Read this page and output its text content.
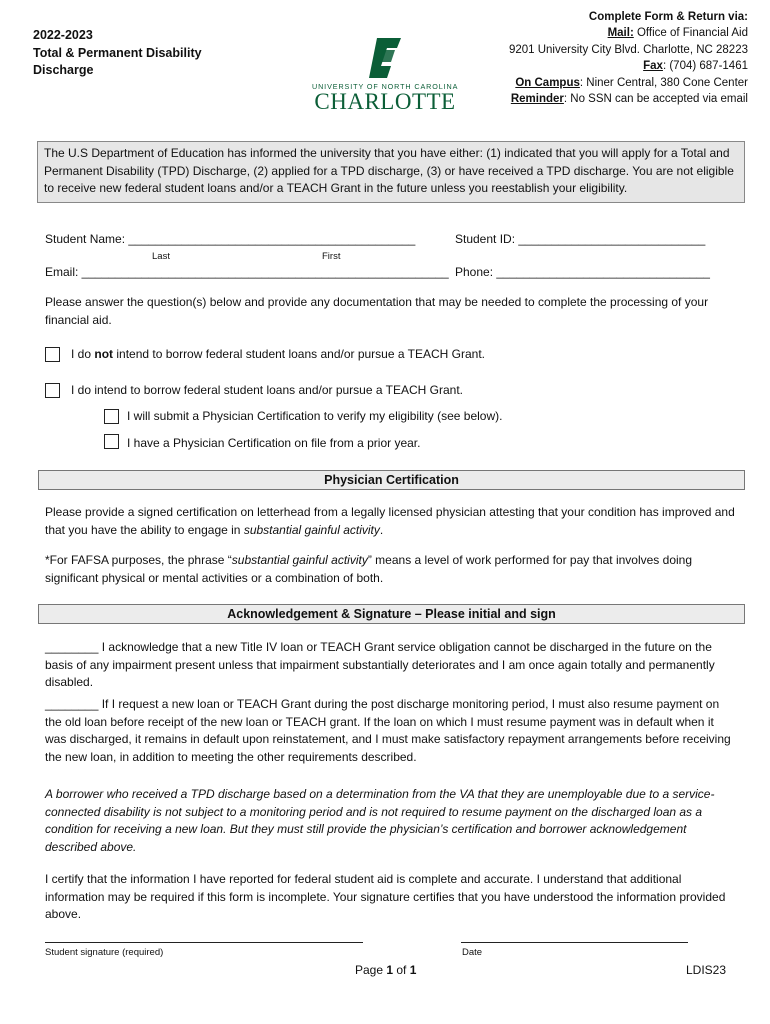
2022-2023
Total & Permanent Disability
Discharge
UNIVERSITY OF NORTH CAROLINA
CHARLOTTE
Complete Form & Return via:
Mail: Office of Financial Aid
9201 University City Blvd. Charlotte, NC 28223
Fax: (704) 687-1461
On Campus: Niner Central, 380 Cone Center
Reminder: No SSN can be accepted via email
The U.S Department of Education has informed the university that you have either: (1) indicated that you will apply for a Total and Permanent Disability (TPD) Discharge, (2) applied for a TPD discharge, (3) or have received a TPD discharge. You are not eligible to receive new federal student loans and/or a TEACH Grant in the future unless you reestablish your eligibility.
Student Name: ___________________________________________	Student ID: ____________________________
Last	First
Email: _______________________________________________________ Phone: ________________________________
Please answer the question(s) below and provide any documentation that may be needed to complete the processing of your financial aid.
I do not intend to borrow federal student loans and/or pursue a TEACH Grant.
I do intend to borrow federal student loans and/or pursue a TEACH Grant.
I will submit a Physician Certification to verify my eligibility (see below).
I have a Physician Certification on file from a prior year.
Physician Certification
Please provide a signed certification on letterhead from a legally licensed physician attesting that your condition has improved and that you have the ability to engage in substantial gainful activity.
*For FAFSA purposes, the phrase “substantial gainful activity” means a level of work performed for pay that involves doing significant physical or mental activities or a combination of both.
Acknowledgement & Signature – Please initial and sign
________ I acknowledge that a new Title IV loan or TEACH Grant service obligation cannot be discharged in the future on the basis of any impairment present unless that impairment substantially deteriorates and I am once again totally and permanently disabled.
________ If I request a new loan or TEACH Grant during the post discharge monitoring period, I must also resume payment on the old loan before receipt of the new loan or TEACH grant. If the loan on which I must resume payment was in default when it was discharged, it remains in default upon reinstatement, and I must make satisfactory repayment arrangements before receiving the new loan, in addition to meeting the other requirements described.
A borrower who received a TPD discharge based on a determination from the VA that they are unemployable due to a service-connected disability is not subject to a monitoring period and is not required to resume payment on the discharged loan as a condition for receiving a new loan. But they must still provide the physician’s certification and borrower acknowledgement described above.
I certify that the information I have reported for federal student aid is complete and accurate. I understand that additional information may be required if this form is incomplete. Your signature certifies that you have understood the information provided above.
Student signature (required)	Date
Page 1 of 1	LDIS23
